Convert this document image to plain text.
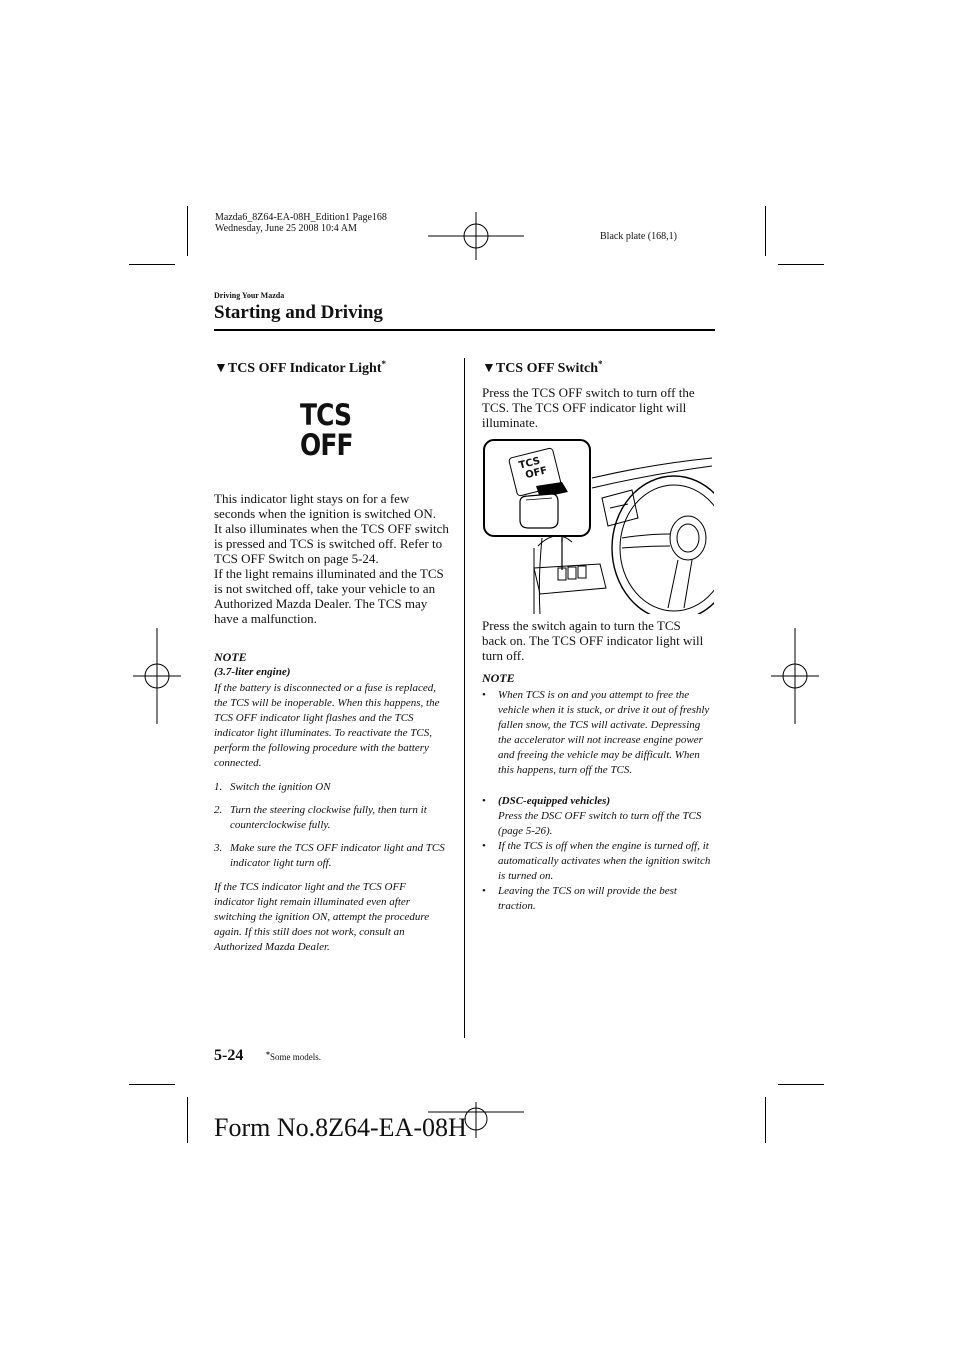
Mazda6_8Z64-EA-08H_Edition1 Page168
Wednesday, June 25 2008 10:4 AM
Black plate (168,1)
Driving Your Mazda
Starting and Driving
▼TCS OFF Indicator Light*
TCS
OFF

This indicator light stays on for a few seconds when the ignition is switched ON.

It also illuminates when the TCS OFF switch is pressed and TCS is switched off. Refer to TCS OFF Switch on page 5-24.

If the light remains illuminated and the TCS is not switched off, take your vehicle to an Authorized Mazda Dealer. The TCS may have a malfunction.

NOTE
(3.7-liter engine)
If the battery is disconnected or a fuse is replaced, the TCS will be inoperable. When this happens, the TCS OFF indicator light flashes and the TCS indicator light illuminates. To reactivate the TCS, perform the following procedure with the battery connected.
1. Switch the ignition ON
2. Turn the steering clockwise fully, then turn it counterclockwise fully.
3. Make sure the TCS OFF indicator light and TCS indicator light turn off.
If the TCS indicator light and the TCS OFF indicator light remain illuminated even after switching the ignition ON, attempt the procedure again. If this still does not work, consult an Authorized Mazda Dealer.
▼TCS OFF Switch*
Press the TCS OFF switch to turn off the TCS. The TCS OFF indicator light will illuminate.
TCS
OFF
Press the switch again to turn the TCS back on. The TCS OFF indicator light will turn off.
NOTE
• When TCS is on and you attempt to free the vehicle when it is stuck, or drive it out of freshly fallen snow, the TCS will activate. Depressing the accelerator will not increase engine power and freeing the vehicle may be difficult. When this happens, turn off the TCS.
• (DSC-equipped vehicles)
Press the DSC OFF switch to turn off the TCS (page 5-26).
• If the TCS is off when the engine is turned off, it automatically activates when the ignition switch is turned on.
• Leaving the TCS on will provide the best traction.
5-24	*Some models.
Form No.8Z64-EA-08H
